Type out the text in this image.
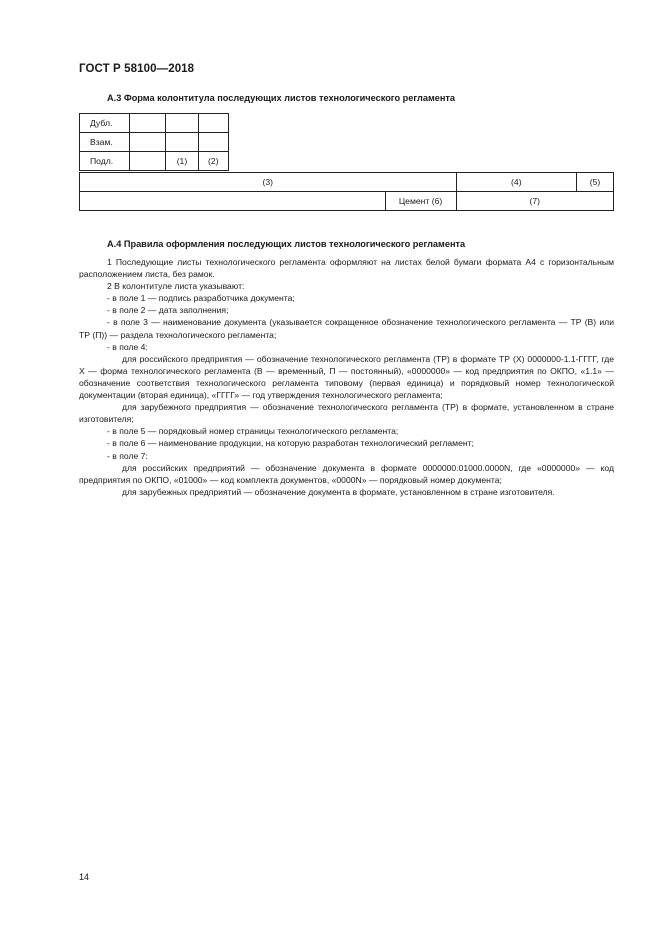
ГОСТ Р 58100—2018
А.3 Форма колонтитула последующих листов технологического регламента
Дубл.			
Взам.			
Подл.		(1)	(2)
(3)		(4)	(5)
	Цемент (6)	(7)	
А.4 Правила оформления последующих листов технологического регламента

1 Последующие листы технологического регламента оформляют на листах белой бумаги формата А4 с горизонтальным расположением листа, без рамок.

2 В колонтитуле листа указывают:

- в поле 1 — подпись разработчика документа;

- в поле 2 — дата заполнения;

- в поле 3 — наименование документа (указывается сокращенное обозначение технологического регламента — ТР (В) или ТР (П)) — раздела технологического регламента;

- в поле 4:

для российского предприятия — обозначение технологического регламента (ТР) в формате ТР (Х) 0000000-1.1-ГГГГ, где Х — форма технологического регламента (В — временный, П — постоянный), «0000000» — код предприятия по ОКПО, «1.1» — обозначение соответствия технологического регламента типовому (первая единица) и порядковый номер технологической документации (вторая единица), «ГГГГ» — год утверждения технологического регламента;

для зарубежного предприятия — обозначение технологического регламента (ТР) в формате, установленном в стране изготовителя;

- в поле 5 — порядковый номер страницы технологического регламента;

- в поле 6 — наименование продукции, на которую разработан технологический регламент;

- в поле 7:

для российских предприятий — обозначение документа в формате 0000000.01000.0000N, где «0000000» — код предприятия по ОКПО, «01000» — код комплекта документов, «0000N» — порядковый номер документа;

для зарубежных предприятий — обозначение документа в формате, установленном в стране изготовителя.

14
